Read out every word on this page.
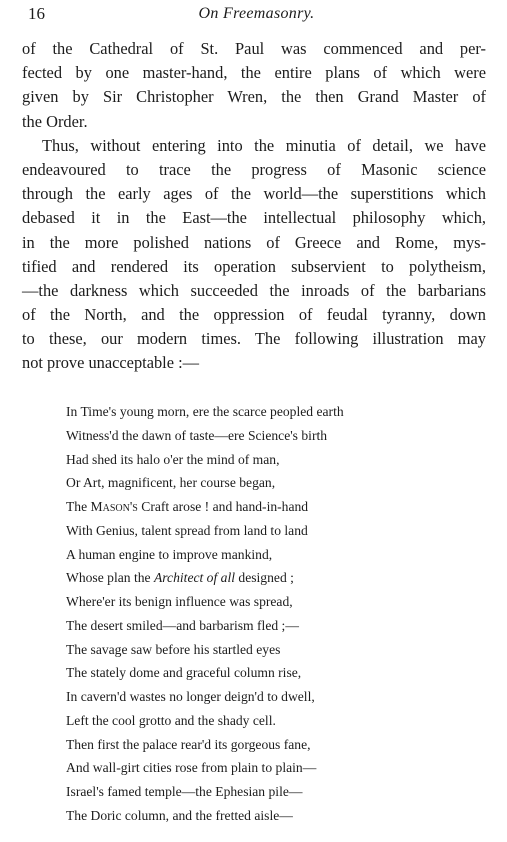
16	On Freemasonry.
of the Cathedral of St. Paul was commenced and per-
fected by one master-hand, the entire plans of which were
given by Sir Christopher Wren, the then Grand Master of
the Order.
Thus, without entering into the minutia of detail, we have
endeavoured to trace the progress of Masonic science
through the early ages of the world—the superstitions which
debased it in the East—the intellectual philosophy which,
in the more polished nations of Greece and Rome, mys-
tified and rendered its operation subservient to polytheism,
—the darkness which succeeded the inroads of the barbarians
of the North, and the oppression of feudal tyranny, down
to these, our modern times. The following illustration may
not prove unacceptable :—
In Time's young morn, ere the scarce peopled earth
Witness'd the dawn of taste—ere Science's birth
Had shed its halo o'er the mind of man,
Or Art, magnificent, her course began,
The Mason's Craft arose ! and hand-in-hand
With Genius, talent spread from land to land
A human engine to improve mankind,
Whose plan the Architect of all designed ;
Where'er its benign influence was spread,
The desert smiled—and barbarism fled ;—
The savage saw before his startled eyes
The stately dome and graceful column rise,
In cavern'd wastes no longer deign'd to dwell,
Left the cool grotto and the shady cell.
Then first the palace rear'd its gorgeous fane,
And wall-girt cities rose from plain to plain—
Israel's famed temple—the Ephesian pile—
The Doric column, and the fretted aisle—
